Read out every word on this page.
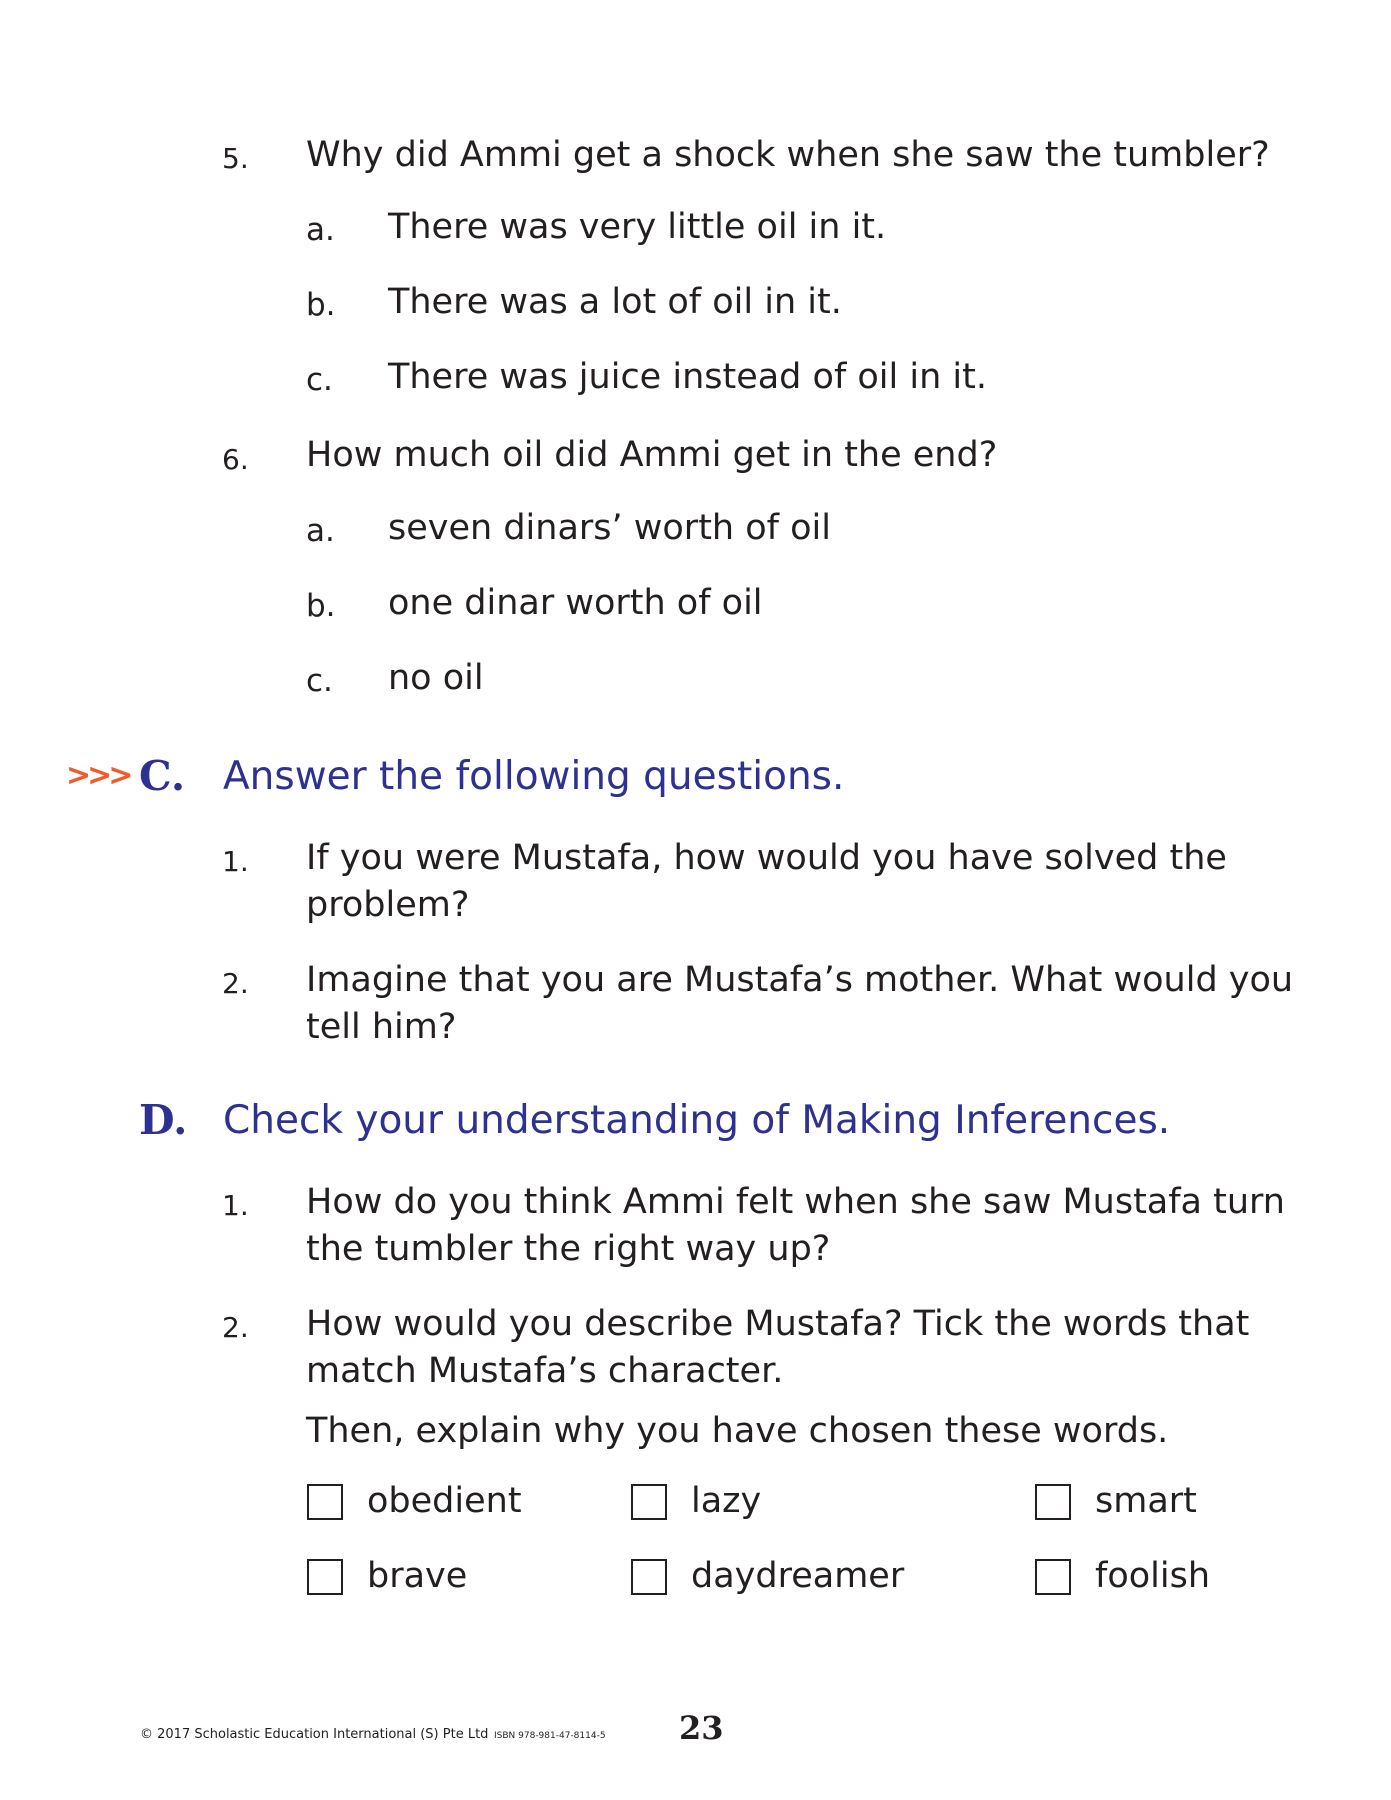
5. Why did Ammi get a shock when she saw the tumbler?
a. There was very little oil in it.
b. There was a lot of oil in it.
c. There was juice instead of oil in it.
6. How much oil did Ammi get in the end?
a. seven dinars’ worth of oil
b. one dinar worth of oil
c. no oil
>>> C. Answer the following questions.
1. If you were Mustafa, how would you have solved the
problem?
2. Imagine that you are Mustafa’s mother. What would you
tell him?
D. Check your understanding of Making Inferences.
1. How do you think Ammi felt when she saw Mustafa turn
the tumbler the right way up?
2. How would you describe Mustafa? Tick the words that
match Mustafa’s character.
Then, explain why you have chosen these words.
obedient	lazy	smart
brave	daydreamer	foolish
© 2017 Scholastic Education International (S) Pte Ltd ISBN 978-981-47-8114-5 23
